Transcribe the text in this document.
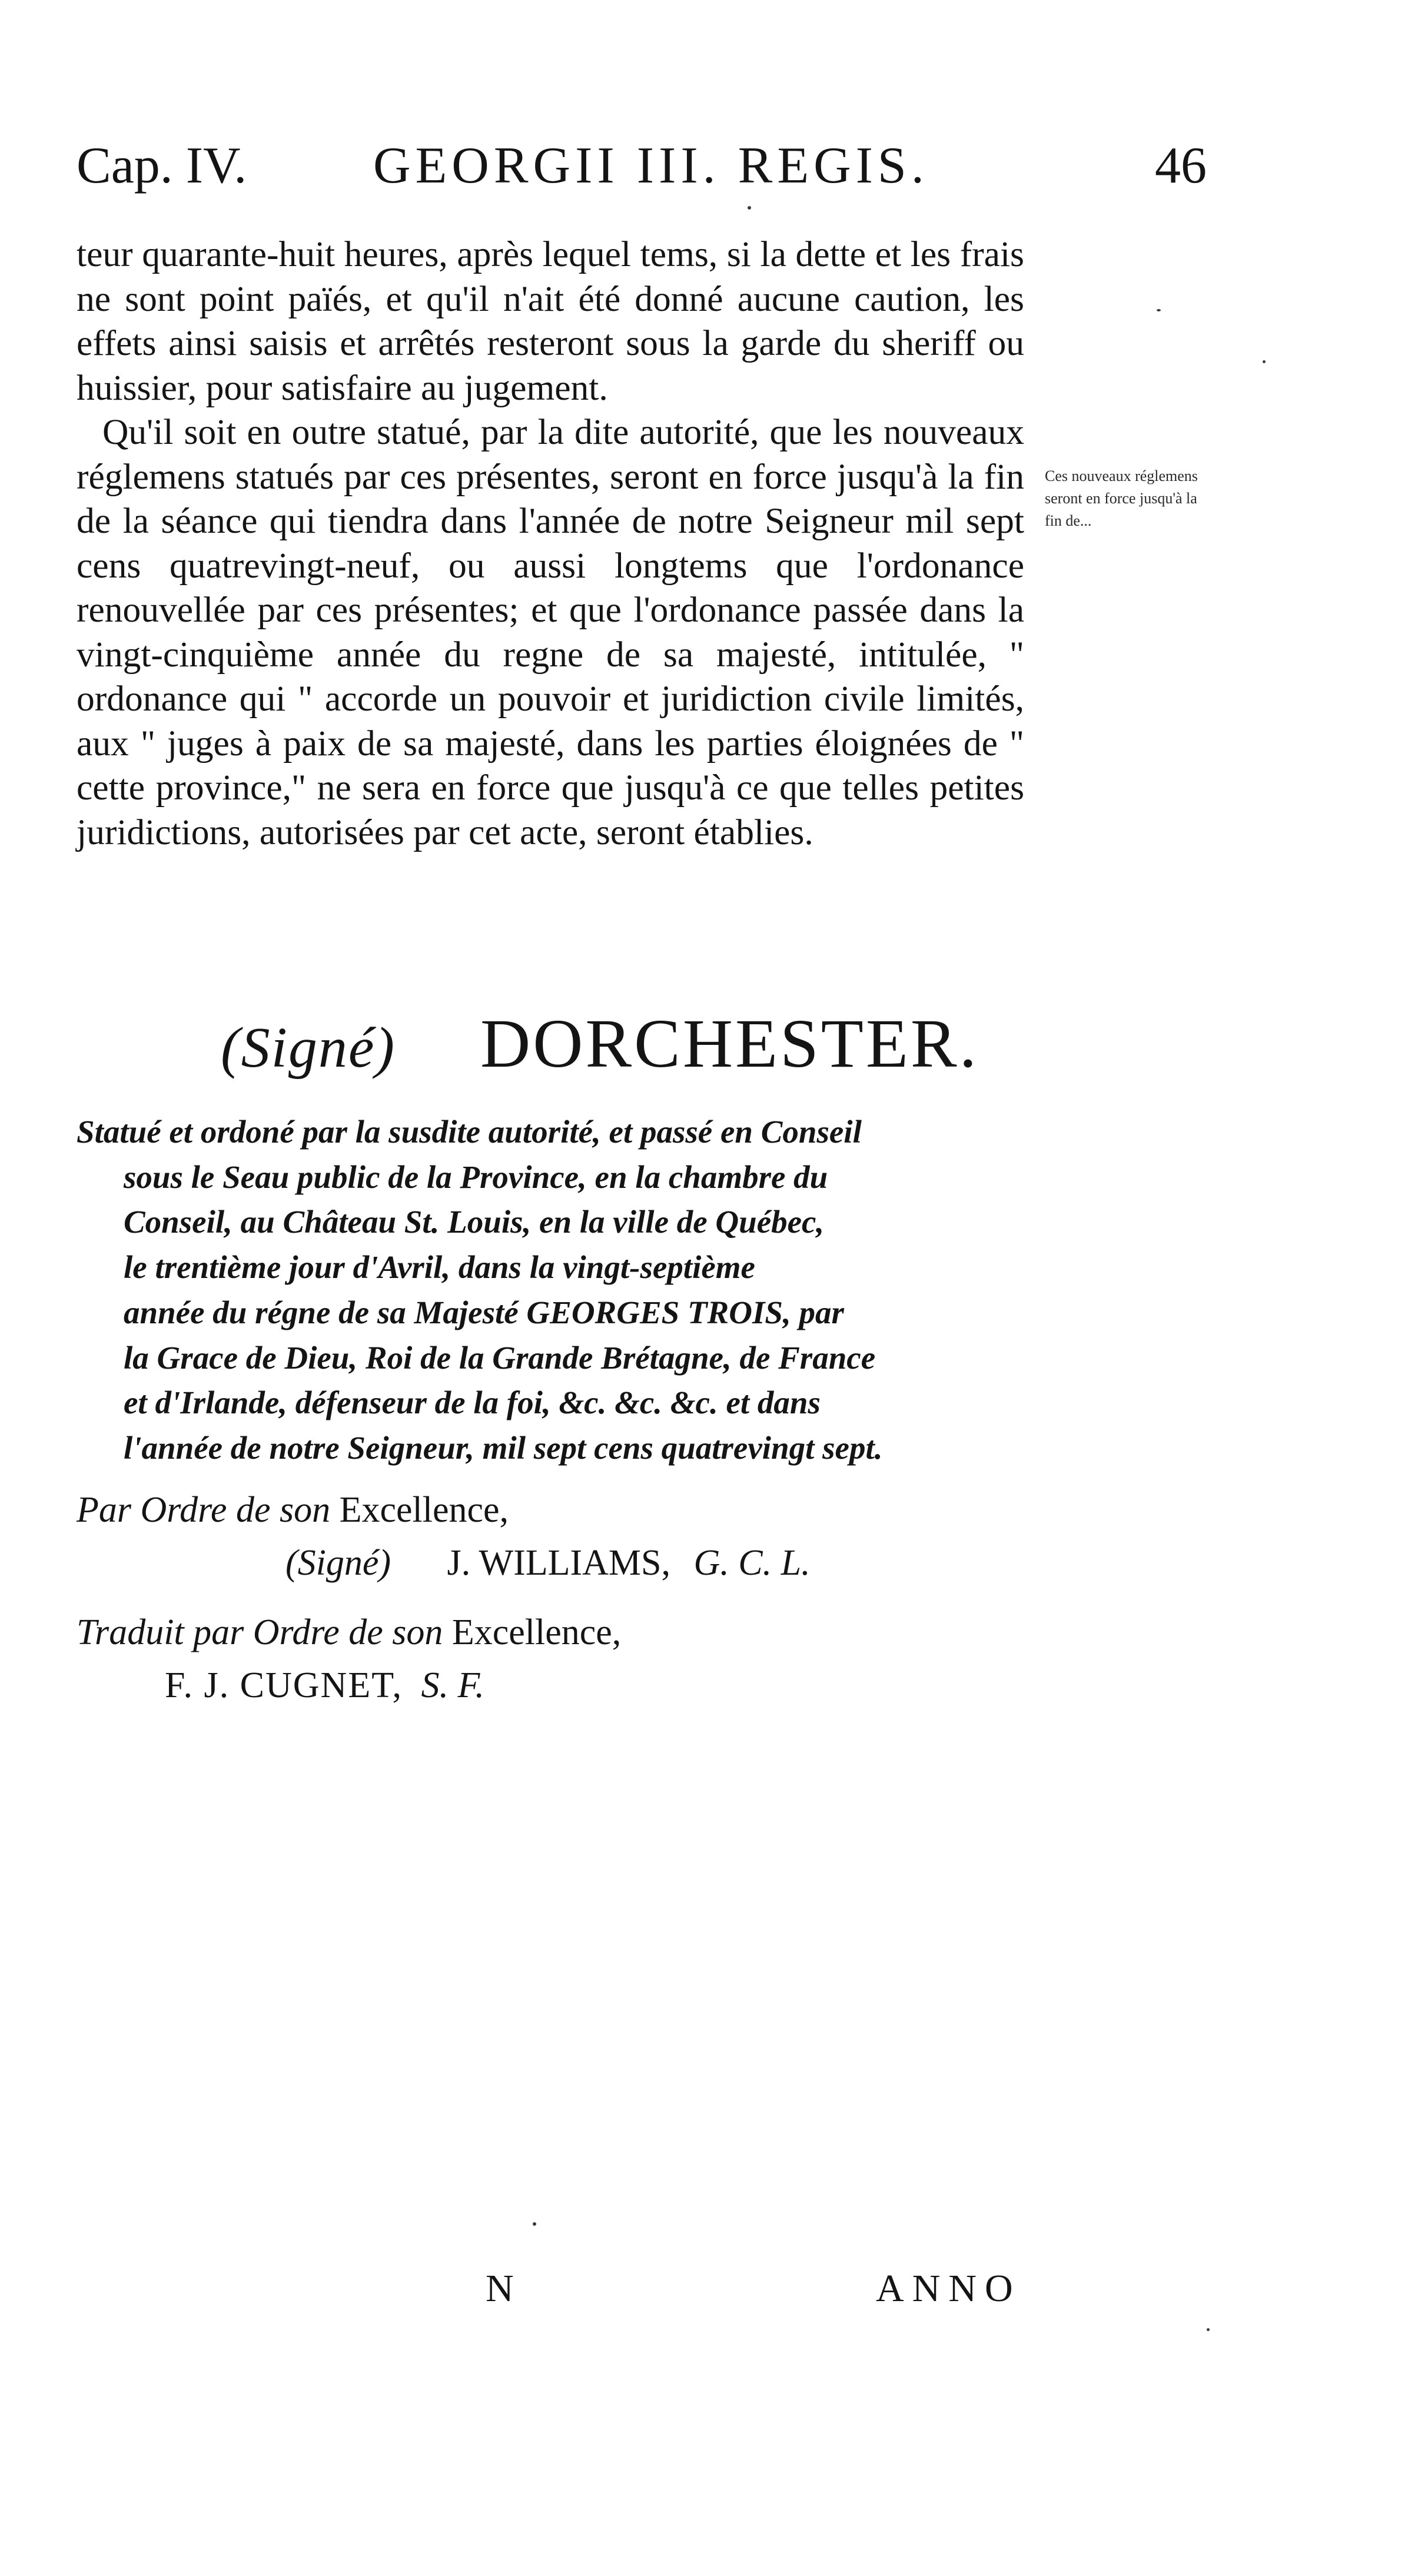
Cap. IV. GEORGII III. REGIS.	46

teur quarante-huit heures, après lequel tems, si la dette et les frais ne sont point païés, et qu'il n'ait été donné aucune caution, les effets ainsi saisis et arrêtés resteront sous la garde du sheriff ou huissier, pour satisfaire au jugement.

Qu'il soit en outre statué, par la dite autorité, que les nouveaux réglemens statués par ces présentes, seront en force jusqu'à la fin de la séance qui tiendra dans l'année de notre Seigneur mil sept cens quatrevingt-neuf, ou aussi longtems que l'ordonance renouvellée par ces présentes; et que l'ordonance passée dans la vingt-cinquième année du regne de sa majesté, intitulée, " ordonance qui " accorde un pouvoir et juridiction civile limités, aux " juges à paix de sa majesté, dans les parties éloignées de " cette province," ne sera en force que jusqu'à ce que telles petites juridictions, autorisées par cet acte, seront établies.

Ces nouveaux réglemens seront en force jusqu'à la fin de...
(Signé) DORCHESTER.
Statué et ordoné par la susdite autorité, et passé en Conseil
sous le Seau public de la Province, en la chambre du
Conseil, au Château St. Louis, en la ville de Québec,
le trentième jour d'Avril, dans la vingt-septième
année du régne de sa Majesté GEORGES TROIS, par
la Grace de Dieu, Roi de la Grande Brétagne, de France
et d'Irlande, défenseur de la foi, &c. &c. &c. et dans
l'année de notre Seigneur, mil sept cens quatrevingt sept.
Par Ordre de son Excellence,
(Signé) J. WILLIAMS, G. C. L.
Traduit par Ordre de son Excellence,
F. J. CUGNET, S. F.
N	ANNO
